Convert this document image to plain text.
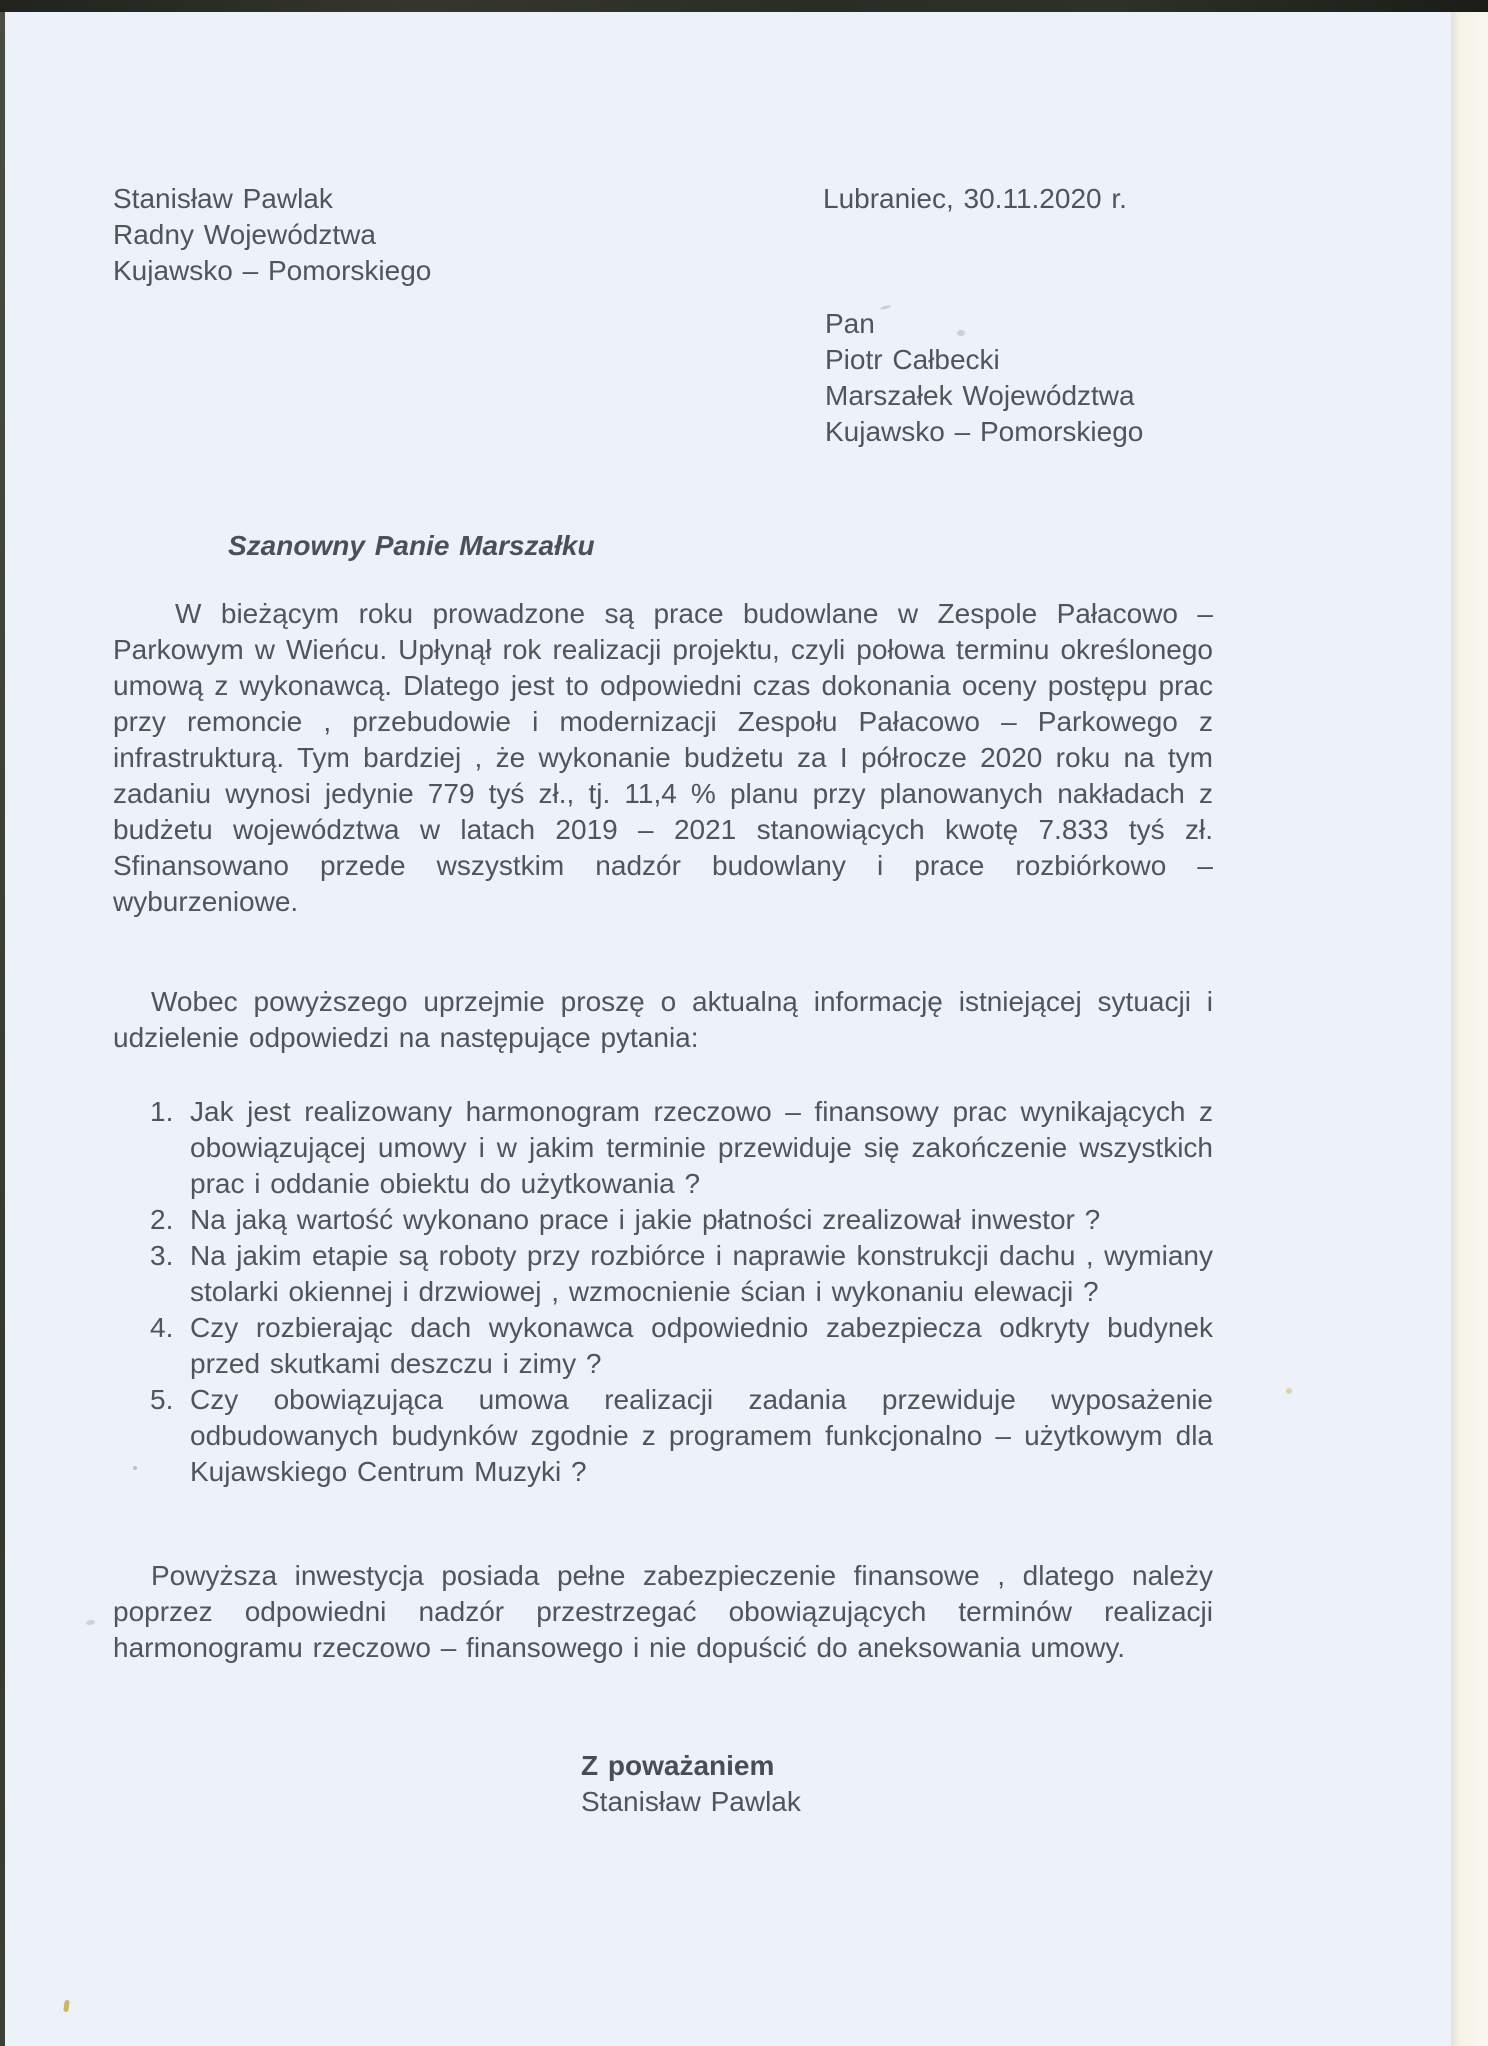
Stanisław Pawlak
Radny Województwa
Kujawsko – Pomorskiego
Lubraniec, 30.11.2020 r.
Pan
Piotr Całbecki
Marszałek Województwa
Kujawsko – Pomorskiego
Szanowny Panie Marszałku

W bieżącym roku prowadzone są prace budowlane w Zespole Pałacowo – Parkowym w Wieńcu. Upłynął rok realizacji projektu, czyli połowa terminu określonego umową z wykonawcą. Dlatego jest to odpowiedni czas dokonania oceny postępu prac przy remoncie , przebudowie i modernizacji Zespołu Pałacowo – Parkowego z infrastrukturą. Tym bardziej , że wykonanie budżetu za I półrocze 2020 roku na tym zadaniu wynosi jedynie 779 tyś zł., tj. 11,4 % planu przy planowanych nakładach z budżetu województwa w latach 2019 – 2021 stanowiących kwotę 7.833 tyś zł. Sfinansowano przede wszystkim nadzór budowlany i prace rozbiórkowo – wyburzeniowe.

Wobec powyższego uprzejmie proszę o aktualną informację istniejącej sytuacji i udzielenie odpowiedzi na następujące pytania:

1. Jak jest realizowany harmonogram rzeczowo – finansowy prac wynikających z obowiązującej umowy i w jakim terminie przewiduje się zakończenie wszystkich prac i oddanie obiektu do użytkowania ?
2. Na jaką wartość wykonano prace i jakie płatności zrealizował inwestor ?
3. Na jakim etapie są roboty przy rozbiórce i naprawie konstrukcji dachu , wymiany stolarki okiennej i drzwiowej , wzmocnienie ścian i wykonaniu elewacji ?
4. Czy rozbierając dach wykonawca odpowiednio zabezpiecza odkryty budynek przed skutkami deszczu i zimy ?
5. Czy obowiązująca umowa realizacji zadania przewiduje wyposażenie odbudowanych budynków zgodnie z programem funkcjonalno – użytkowym dla Kujawskiego Centrum Muzyki ?

Powyższa inwestycja posiada pełne zabezpieczenie finansowe , dlatego należy poprzez odpowiedni nadzór przestrzegać obowiązujących terminów realizacji harmonogramu rzeczowo – finansowego i nie dopuścić do aneksowania umowy.

Z poważaniem
Stanisław Pawlak
